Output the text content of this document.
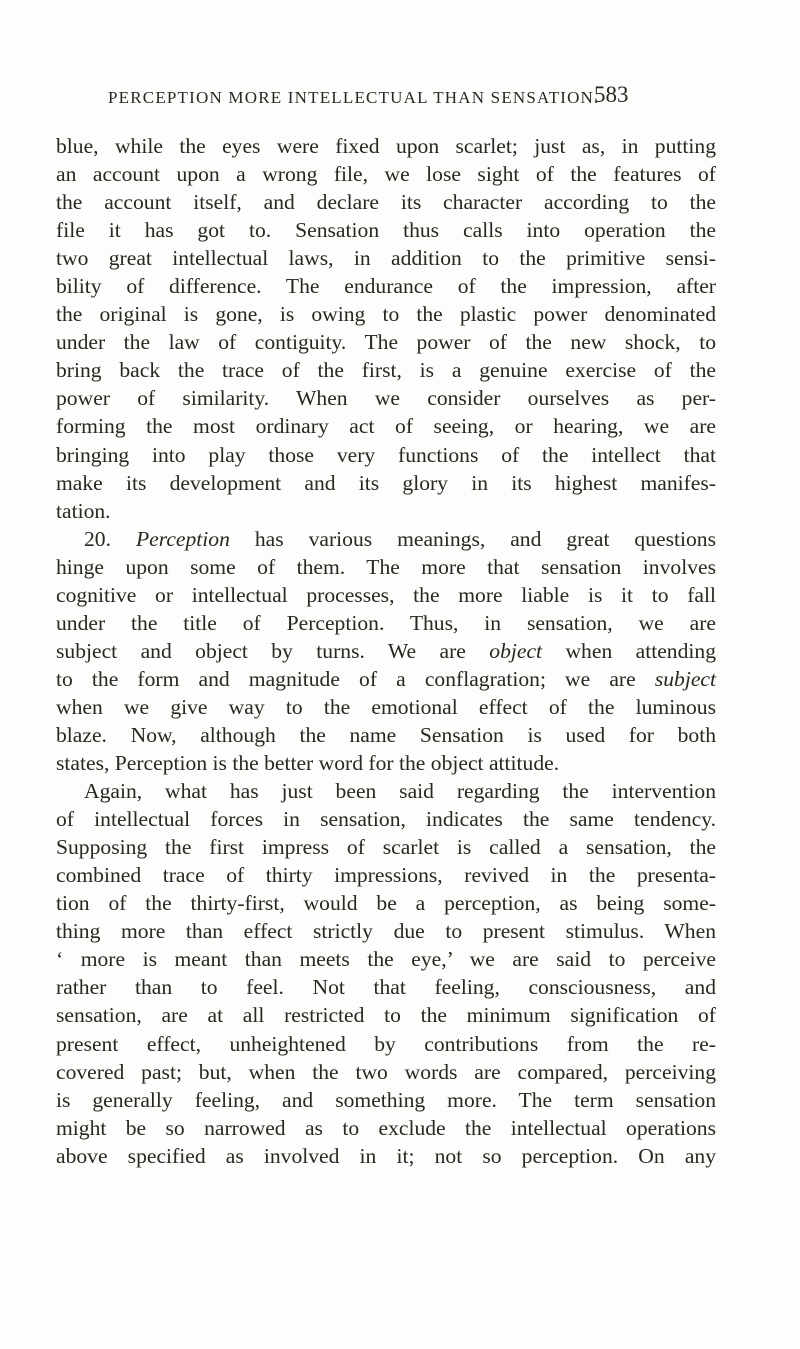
PERCEPTION MORE INTELLECTUAL THAN SENSATION.
583
blue, while the eyes were fixed upon scarlet; just as, in putting
an account upon a wrong file, we lose sight of the features of
the account itself, and declare its character according to the
file it has got to. Sensation thus calls into operation the
two great intellectual laws, in addition to the primitive sensi-
bility of difference. The endurance of the impression, after
the original is gone, is owing to the plastic power denominated
under the law of contiguity. The power of the new shock, to
bring back the trace of the first, is a genuine exercise of the
power of similarity. When we consider ourselves as per-
forming the most ordinary act of seeing, or hearing, we are
bringing into play those very functions of the intellect that
make its development and its glory in its highest manifes-
tation.
20. Perception has various meanings, and great questions
hinge upon some of them. The more that sensation involves
cognitive or intellectual processes, the more liable is it to fall
under the title of Perception. Thus, in sensation, we are
subject and object by turns. We are object when attending
to the form and magnitude of a conflagration; we are subject
when we give way to the emotional effect of the luminous
blaze. Now, although the name Sensation is used for both
states, Perception is the better word for the object attitude.
Again, what has just been said regarding the intervention
of intellectual forces in sensation, indicates the same tendency.
Supposing the first impress of scarlet is called a sensation, the
combined trace of thirty impressions, revived in the presenta-
tion of the thirty-first, would be a perception, as being some-
thing more than effect strictly due to present stimulus. When
‘ more is meant than meets the eye,’ we are said to perceive
rather than to feel. Not that feeling, consciousness, and
sensation, are at all restricted to the minimum signification of
present effect, unheightened by contributions from the re-
covered past; but, when the two words are compared, perceiving
is generally feeling, and something more. The term sensation
might be so narrowed as to exclude the intellectual operations
above specified as involved in it; not so perception. On any
